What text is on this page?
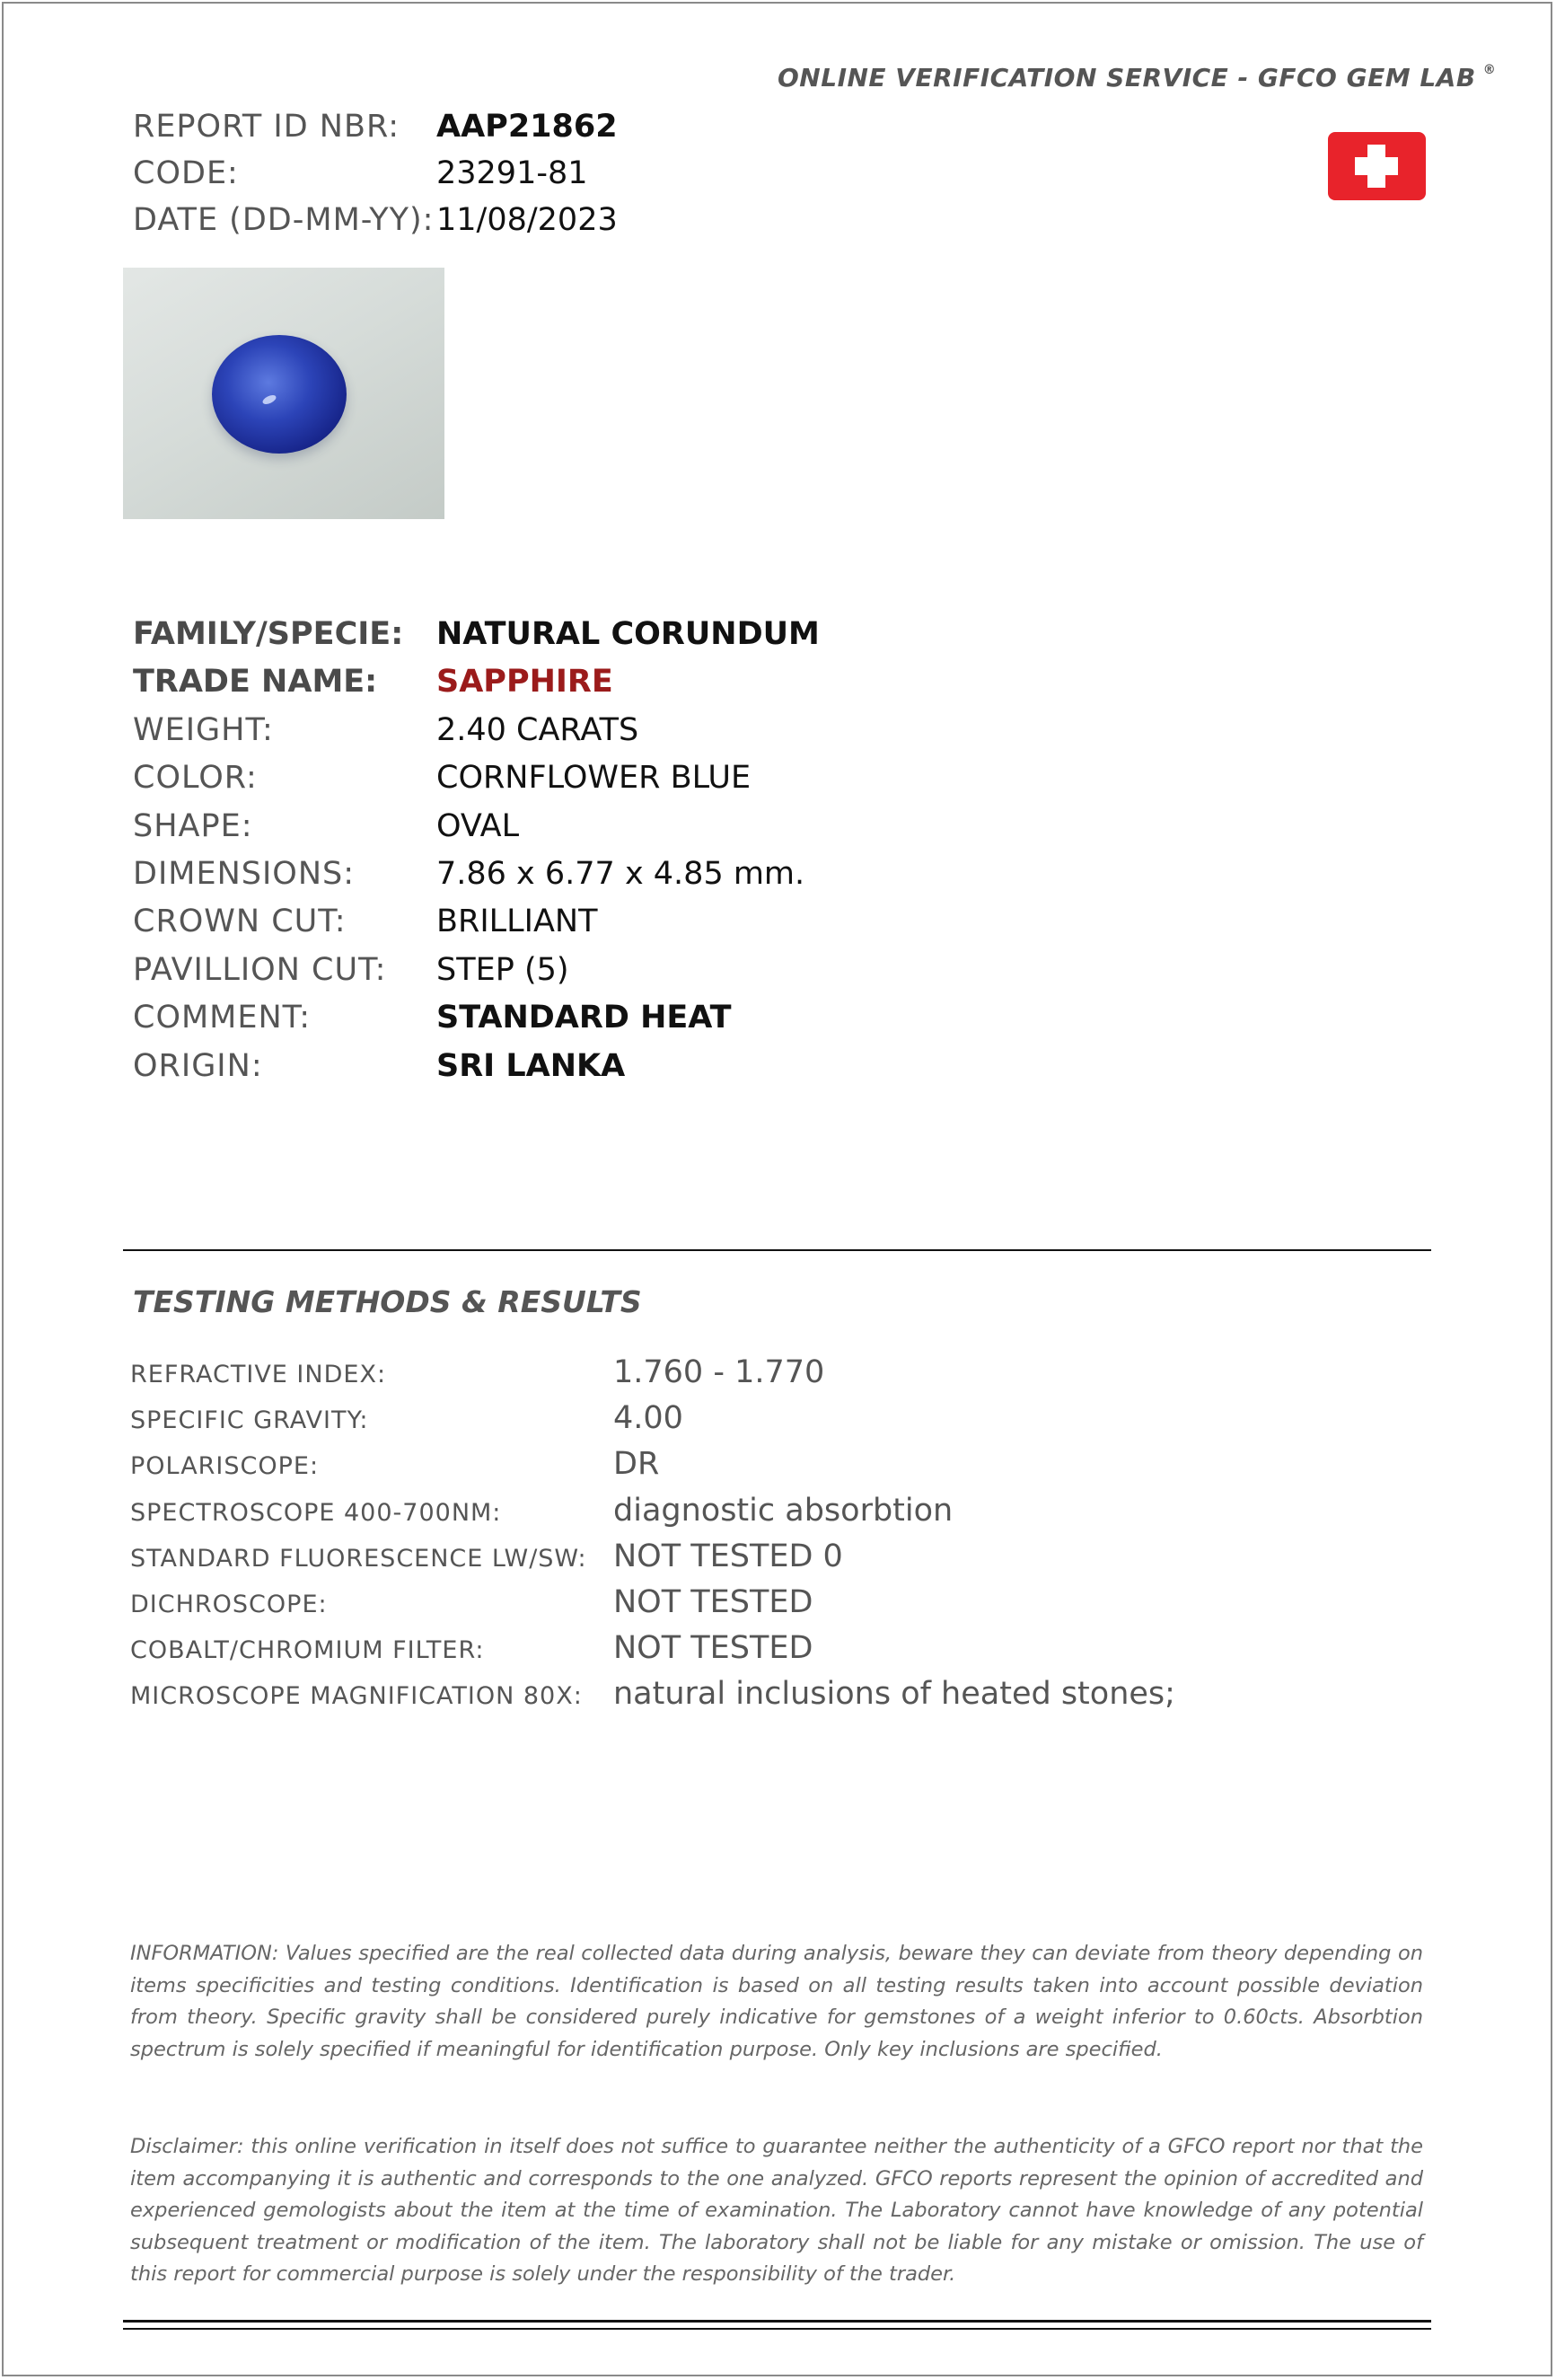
ONLINE VERIFICATION SERVICE - GFCO GEM LAB ®
REPORT ID NBR:	AAP21862
CODE:	23291-81
DATE (DD-MM-YY): 11/08/2023
FAMILY/SPECIE:	NATURAL CORUNDUM
TRADE NAME:	SAPPHIRE
WEIGHT:	2.40 CARATS
COLOR:	CORNFLOWER BLUE
SHAPE:	OVAL
DIMENSIONS:	7.86 x 6.77 x 4.85 mm.
CROWN CUT:	BRILLIANT
PAVILLION CUT:	STEP (5)
COMMENT:	STANDARD HEAT
ORIGIN:	SRI LANKA
TESTING METHODS & RESULTS
REFRACTIVE INDEX:	1.760 - 1.770
SPECIFIC GRAVITY:	4.00
POLARISCOPE:	DR
SPECTROSCOPE 400-700NM:	diagnostic absorbtion
STANDARD FLUORESCENCE LW/SW: NOT TESTED 0
DICHROSCOPE:	NOT TESTED
COBALT/CHROMIUM FILTER:	NOT TESTED
MICROSCOPE MAGNIFICATION 80X: natural inclusions of heated stones;
INFORMATION: Values specified are the real collected data during analysis, beware they can deviate from theory depending on items specificities and testing conditions. Identification is based on all testing results taken into account possible deviation from theory. Specific gravity shall be considered purely indicative for gemstones of a weight inferior to 0.60cts. Absorbtion spectrum is solely specified if meaningful for identification purpose. Only key inclusions are specified.
Disclaimer: this online verification in itself does not suffice to guarantee neither the authenticity of a GFCO report nor that the item accompanying it is authentic and corresponds to the one analyzed. GFCO reports represent the opinion of accredited and experienced gemologists about the item at the time of examination. The Laboratory cannot have knowledge of any potential subsequent treatment or modification of the item. The laboratory shall not be liable for any mistake or omission. The use of this report for commercial purpose is solely under the responsibility of the trader.
